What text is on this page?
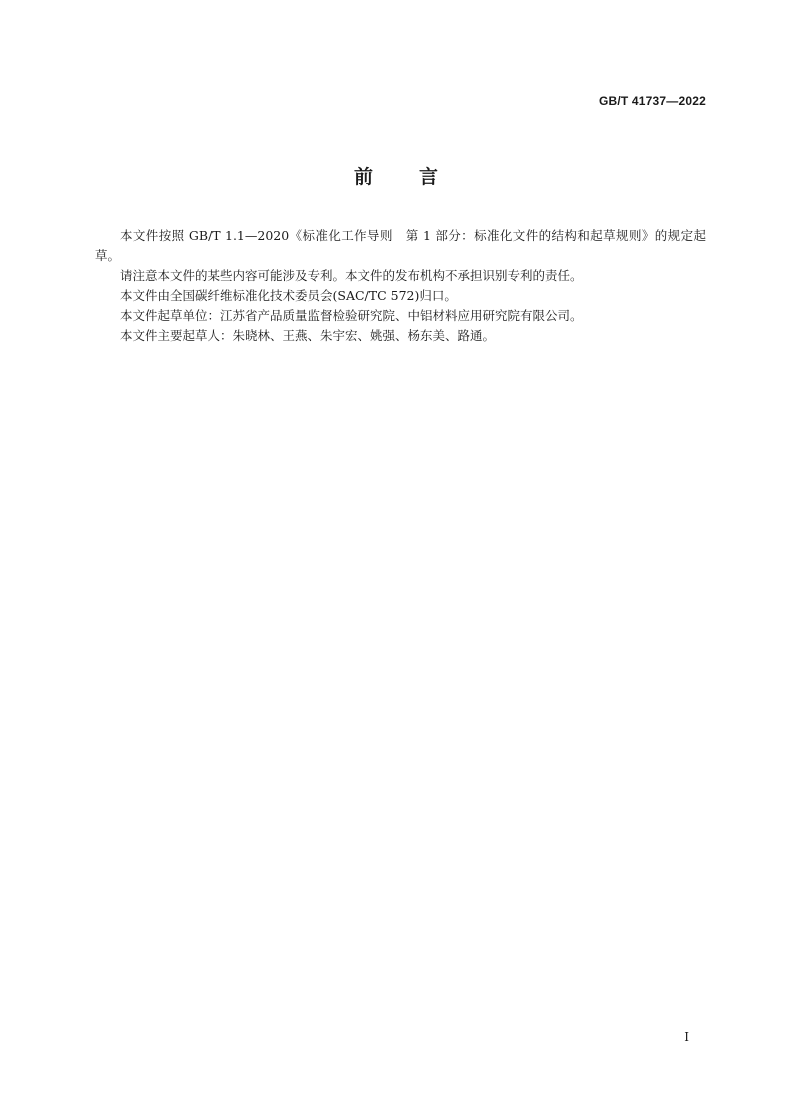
GB/T 41737—2022
前 言

本文件按照 GB/T 1.1—2020《标准化工作导则　第 1 部分：标准化文件的结构和起草规则》的规定起草。

请注意本文件的某些内容可能涉及专利。本文件的发布机构不承担识别专利的责任。

本文件由全国碳纤维标准化技术委员会(SAC/TC 572)归口。

本文件起草单位：江苏省产品质量监督检验研究院、中铝材料应用研究院有限公司。

本文件主要起草人：朱晓林、王燕、朱宇宏、姚强、杨东美、路通。

I
